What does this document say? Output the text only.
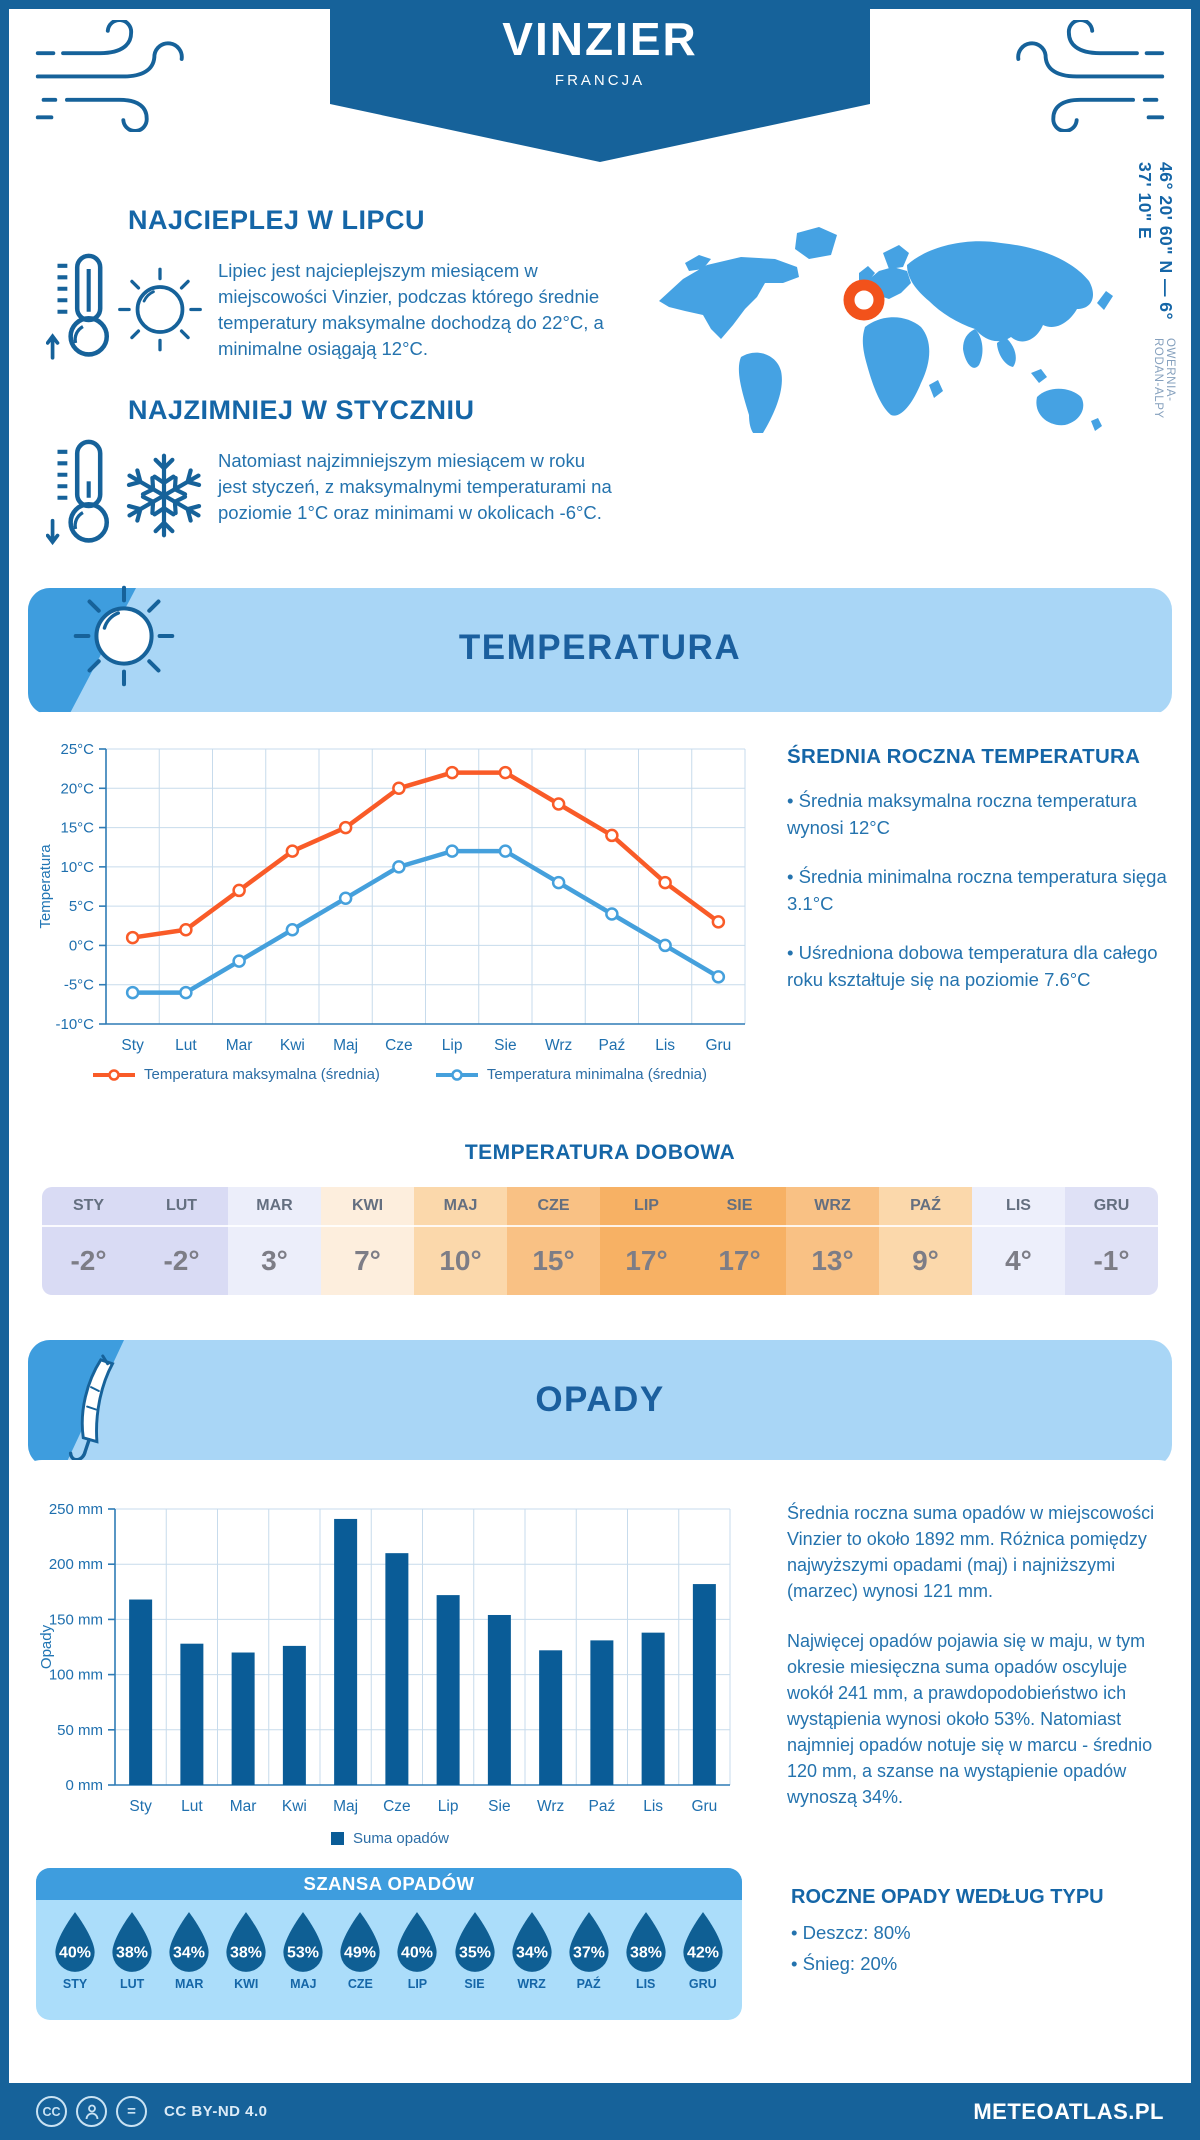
VINZIER
FRANCJA
NAJCIEPLEJ W LIPCU
Lipiec jest najcieplejszym miesiącem w miejscowości Vinzier, podczas którego średnie temperatury maksymalne dochodzą do 22°C, a minimalne osiągają 12°C.
NAJZIMNIEJ W STYCZNIU
Natomiast najzimniejszym miesiącem w roku jest styczeń, z maksymalnymi temperaturami na poziomie 1°C oraz minimami w okolicach -6°C.
46° 20' 60" N — 6° 37' 10" E
OWERNIA-RODAN-ALPY
TEMPERATURA
-10°C
-5°C
0°C
5°C
10°C
15°C
20°C
25°C
Sty Lut Mar Kwi Maj Cze Lip Sie Wrz Paź Lis Gru
Temperatura
Temperatura maksymalna (średnia)	Temperatura minimalna (średnia)
ŚREDNIA ROCZNA TEMPERATURA

• Średnia maksymalna roczna temperatura wynosi 12°C

• Średnia minimalna roczna temperatura sięga 3.1°C

• Uśredniona dobowa temperatura dla całego roku kształtuje się na poziomie 7.6°C

TEMPERATURA DOBOWA
STY
-2°
LUT
-2°
MAR
3°
KWI
7°
MAJ
10°
CZE
15°
LIP
17°
SIE
17°
WRZ
13°
PAŹ
9°
LIS
4°
GRU
-1°
OPADY
0 mm
50 mm
100 mm
150 mm
200 mm
250 mm
Sty Lut Mar Kwi Maj Cze Lip Sie Wrz Paź Lis Gru
Opady
Suma opadów

Średnia roczna suma opadów w miejscowości Vinzier to około 1892 mm. Różnica pomiędzy najwyższymi opadami (maj) i najniższymi (marzec) wynosi 121 mm.

Najwięcej opadów pojawia się w maju, w tym okresie miesięczna suma opadów oscyluje wokół 241 mm, a prawdopodobieństwo ich wystąpienia wynosi około 53%. Natomiast najmniej opadów notuje się w marcu - średnio 120 mm, a szanse na wystąpienie opadów wynoszą 34%.

SZANSA OPADÓW
40%
STY
38%
LUT
34%
MAR
38%
KWI
53%
MAJ
49%
CZE
40%
LIP
35%
SIE
34%
WRZ
37%
PAŹ
38%
LIS
42%
GRU
ROCZNE OPADY WEDŁUG TYPU

• Deszcz: 80%

• Śnieg: 20%

CC	= CC BY-ND 4.0	METEOATLAS.PL
